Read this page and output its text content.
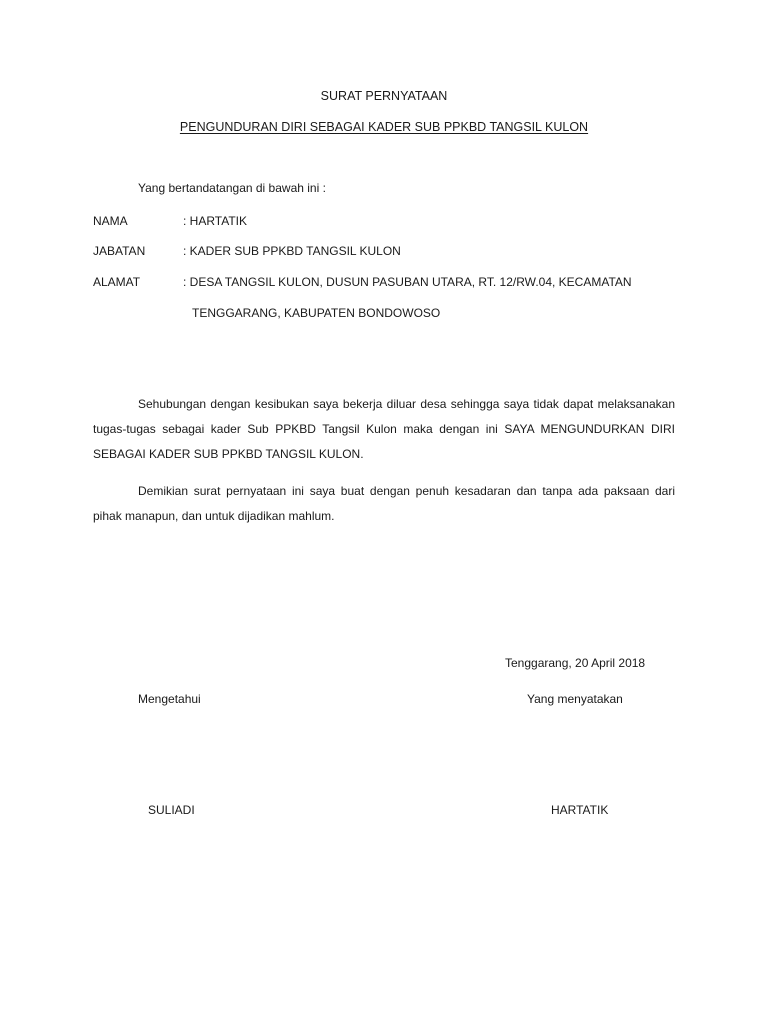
SURAT PERNYATAAN
PENGUNDURAN DIRI SEBAGAI KADER SUB PPKBD TANGSIL KULON
Yang bertandatangan di bawah ini :
NAMA	: HARTATIK
JABATAN	: KADER SUB PPKBD TANGSIL KULON
ALAMAT	: DESA TANGSIL KULON, DUSUN PASUBAN UTARA, RT. 12/RW.04, KECAMATAN
TENGGARANG, KABUPATEN BONDOWOSO

Sehubungan dengan kesibukan saya bekerja diluar desa sehingga saya tidak dapat melaksanakan tugas-tugas sebagai kader Sub PPKBD Tangsil Kulon maka dengan ini SAYA MENGUNDURKAN DIRI SEBAGAI KADER SUB PPKBD TANGSIL KULON.

Demikian surat pernyataan ini saya buat dengan penuh kesadaran dan tanpa ada paksaan dari pihak manapun, dan untuk dijadikan mahlum.

Tenggarang, 20 April 2018
Mengetahui	Yang menyatakan
SULIADI	HARTATIK
